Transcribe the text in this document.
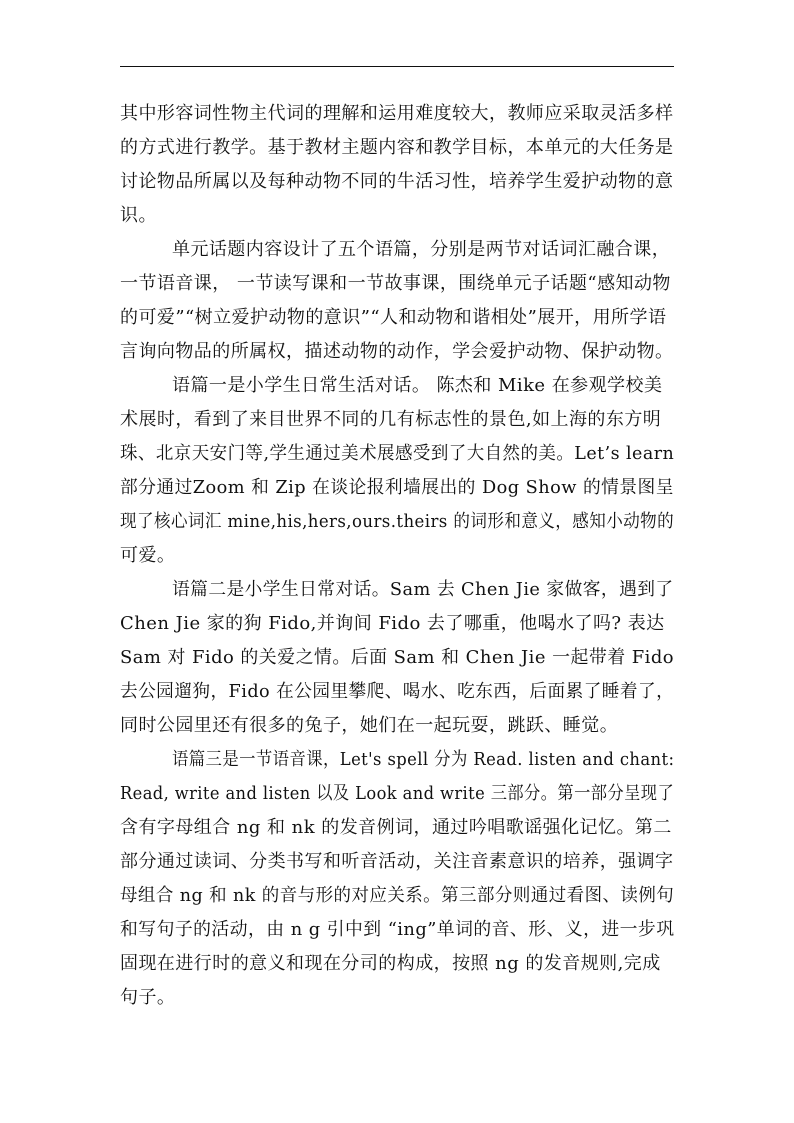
其中形容词性物主代词的理解和运用难度较大，教师应采取灵活多样
的方式进行教学。基于教材主题内容和教学目标，本单元的大任务是
讨论物品所属以及每种动物不同的牛活习性，培养学生爱护动物的意
识。
单元话题内容设计了五个语篇，分别是两节对话词汇融合课，
一节语音课， 一节读写课和一节故事课，围绕单元子话题“感知动物
的可爱”“树立爱护动物的意识”“人和动物和谐相处”展开，用所学语
言询向物品的所属权，描述动物的动作，学会爱护动物、保护动物。
语篇一是小学生日常生活对话。 陈杰和 Mike 在参观学校美
术展时，看到了来目世界不同的几有标志性的景色,如上海的东方明
珠、北京天安门等,学生通过美术展感受到了大自然的美。Let’s learn
部分通过Zoom 和 Zip 在谈论报利墙展出的 Dog Show 的情景图呈
现了核心词汇 mine,his,hers,ours.theirs 的词形和意义，感知小动物的
可爱。
语篇二是小学生日常对话。Sam 去 Chen Jie 家做客，遇到了
Chen Jie 家的狗 Fido,并询间 Fido 去了哪重，他喝水了吗? 表达
Sam 对 Fido 的关爱之情。后面 Sam 和 Chen Jie 一起带着 Fido
去公园遛狗，Fido 在公园里攀爬、喝水、吃东西，后面累了睡着了，
同时公园里还有很多的兔子，她们在一起玩耍，跳跃、睡觉。
语篇三是一节语音课，Let's spell 分为 Read. listen and chant:
Read, write and listen 以及 Look and write 三部分。第一部分呈现了
含有字母组合 ng 和 nk 的发音例词，通过吟唱歌谣强化记忆。第二
部分通过读词、分类书写和听音活动，关注音素意识的培养，强调字
母组合 ng 和 nk 的音与形的对应关系。第三部分则通过看图、读例句
和写句子的活动，由 n g 引中到 “ing”单词的音、形、义，进一步巩
固现在进行时的意义和现在分司的构成，按照 ng 的发音规则,完成
句子。
